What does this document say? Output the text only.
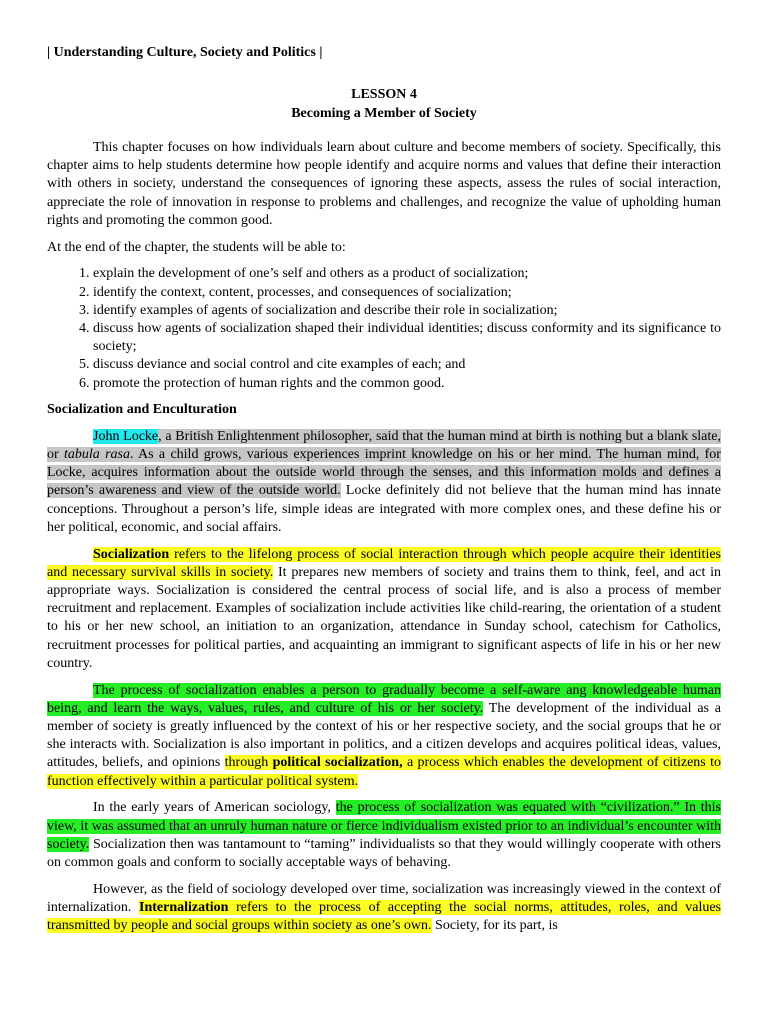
| Understanding Culture, Society and Politics |
LESSON 4
Becoming a Member of Society

This chapter focuses on how individuals learn about culture and become members of society. Specifically, this chapter aims to help students determine how people identify and acquire norms and values that define their interaction with others in society, understand the consequences of ignoring these aspects, assess the rules of social interaction, appreciate the role of innovation in response to problems and challenges, and recognize the value of upholding human rights and promoting the common good.

At the end of the chapter, the students will be able to:

1. explain the development of one’s self and others as a product of socialization;
2. identify the context, content, processes, and consequences of socialization;
3. identify examples of agents of socialization and describe their role in socialization;
4. discuss how agents of socialization shaped their individual identities; discuss conformity and its significance to society;
5. discuss deviance and social control and cite examples of each; and
6. promote the protection of human rights and the common good.
Socialization and Enculturation

John Locke, a British Enlightenment philosopher, said that the human mind at birth is nothing but a blank slate, or tabula rasa. As a child grows, various experiences imprint knowledge on his or her mind. The human mind, for Locke, acquires information about the outside world through the senses, and this information molds and defines a person’s awareness and view of the outside world. Locke definitely did not believe that the human mind has innate conceptions. Throughout a person’s life, simple ideas are integrated with more complex ones, and these define his or her political, economic, and social affairs.

Socialization refers to the lifelong process of social interaction through which people acquire their identities and necessary survival skills in society. It prepares new members of society and trains them to think, feel, and act in appropriate ways. Socialization is considered the central process of social life, and is also a process of member recruitment and replacement. Examples of socialization include activities like child-rearing, the orientation of a student to his or her new school, an initiation to an organization, attendance in Sunday school, catechism for Catholics, recruitment processes for political parties, and acquainting an immigrant to significant aspects of life in his or her new country.

The process of socialization enables a person to gradually become a self-aware ang knowledgeable human being, and learn the ways, values, rules, and culture of his or her society. The development of the individual as a member of society is greatly influenced by the context of his or her respective society, and the social groups that he or she interacts with. Socialization is also important in politics, and a citizen develops and acquires political ideas, values, attitudes, beliefs, and opinions through political socialization, a process which enables the development of citizens to function effectively within a particular political system.

In the early years of American sociology, the process of socialization was equated with “civilization.” In this view, it was assumed that an unruly human nature or fierce individualism existed prior to an individual’s encounter with society. Socialization then was tantamount to “taming” individualists so that they would willingly cooperate with others on common goals and conform to socially acceptable ways of behaving.

However, as the field of sociology developed over time, socialization was increasingly viewed in the context of internalization. Internalization refers to the process of accepting the social norms, attitudes, roles, and values transmitted by people and social groups within society as one’s own. Society, for its part, is
